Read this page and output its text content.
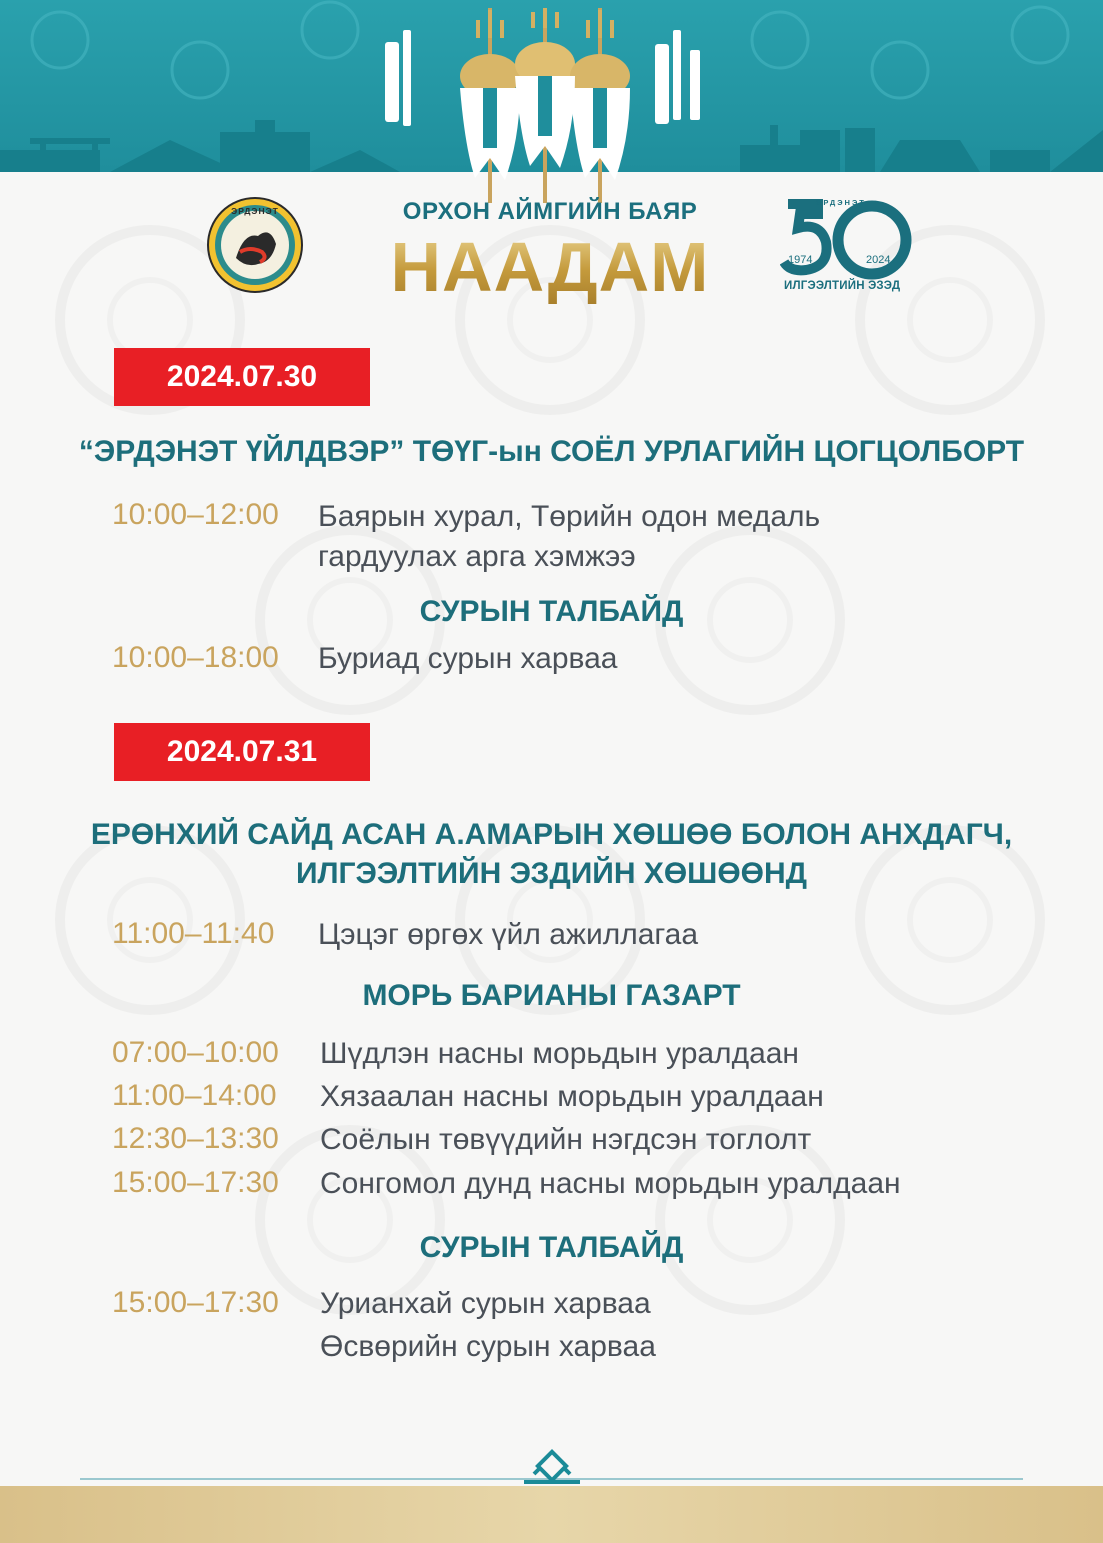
ЭРДЭНЭТ	ОРХОН АЙМГИЙН БАЯР
НААДАМ
ЭРДЭНЭТ
1974	2024
ИЛГЭЭЛТИЙН ЭЗЭД
2024.07.30
“ЭРДЭНЭТ ҮЙЛДВЭР” ТӨҮГ-ын СОЁЛ УРЛАГИЙН ЦОГЦОЛБОРТ
10:00–12:00 Баярын хурал, Төрийн одон медаль
гардуулах арга хэмжээ
СУРЫН ТАЛБАЙД
10:00–18:00 Буриад сурын харваа
2024.07.31
ЕРӨНХИЙ САЙД АСАН А.АМАРЫН ХӨШӨӨ БОЛОН АНХДАГЧ,
ИЛГЭЭЛТИЙН ЭЗДИЙН ХӨШӨӨНД
11:00–11:40 Цэцэг өргөх үйл ажиллагаа
МОРЬ БАРИАНЫ ГАЗАРТ
07:00–10:00 Шүдлэн насны морьдын уралдаан
11:00–14:00 Хязаалан насны морьдын уралдаан
12:30–13:30 Соёлын төвүүдийн нэгдсэн тоглолт
15:00–17:30 Сонгомол дунд насны морьдын уралдаан
СУРЫН ТАЛБАЙД
15:00–17:30 Урианхай сурын харваа
Өсвөрийн сурын харваа
